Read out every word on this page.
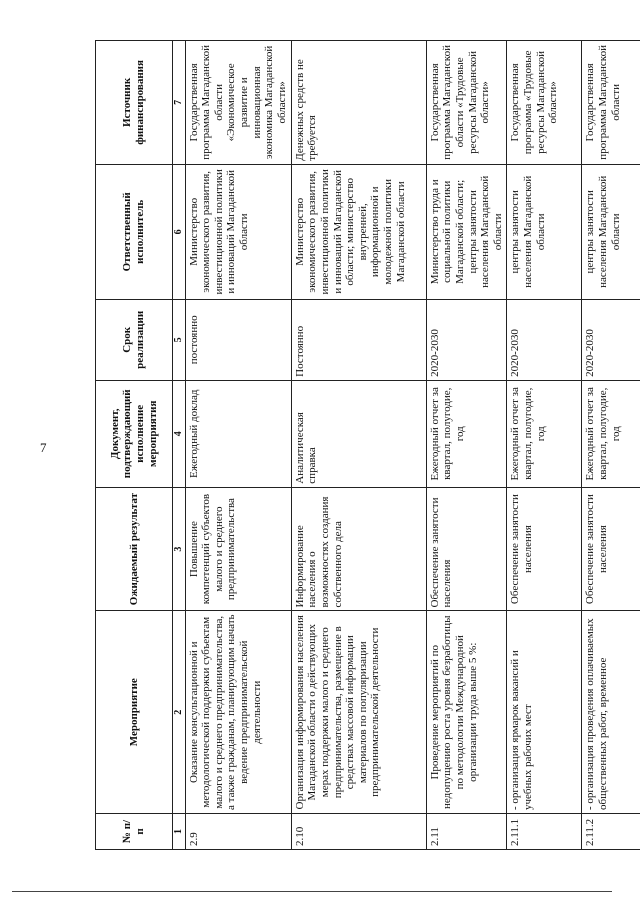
7
№ п/п	Мероприятие	Ожидаемый результат	Документ, подтверждающий исполнение мероприятия	Срок реализации	Ответственный исполнитель	Источник финансирования
1	2	3	4	5	6	7
2.9	Оказание консультационной и методологической поддержки субъектам малого и среднего предпринимательства, а также гражданам, планирующим начать ведение предпринимательской деятельности	Повышение компетенций субъектов малого и среднего предпринимательства	Ежегодный доклад	постоянно	Министерство экономического развития, инвестиционной политики и инноваций Магаданской области	Государственная программа Магаданской области «Экономическое развитие и инновационная экономика Магаданской области»
2.10	Организация информирования населения Магаданской области о действующих мерах поддержки малого и среднего предпринимательства, размещение в средствах массовой информации материалов по популяризации предпринимательской деятельности	Информирование населения о возможностях создания собственного дела	Аналитическая справка	Постоянно	Министерство экономического развития, инвестиционной политики и инноваций Магаданской области; министерство внутренней, информационной и молодежной политики Магаданской области	Денежных средств не требуется
2.11	Проведение мероприятий по недопущению роста уровня безработицы по методологии Международной организации труда выше 5 %:	Обеспечение занятости населения	Ежегодный отчет за квартал, полугодие, год	2020-2030	Министерство труда и социальной политики Магаданской области; центры занятости населения Магаданской области	Государственная программа Магаданской области «Трудовые ресурсы Магаданской области»
2.11.1	- организация ярмарок вакансий и учебных рабочих мест	Обеспечение занятости населения	Ежегодный отчет за квартал, полугодие, год	2020-2030	центры занятости населения Магаданской области	Государственная программа «Трудовые ресурсы Магаданской области»
2.11.2	- организация проведения оплачиваемых общественных работ, временное	Обеспечение занятости населения	Ежегодный отчет за квартал, полугодие, год	2020-2030	центры занятости населения Магаданской области	Государственная программа Магаданской области
